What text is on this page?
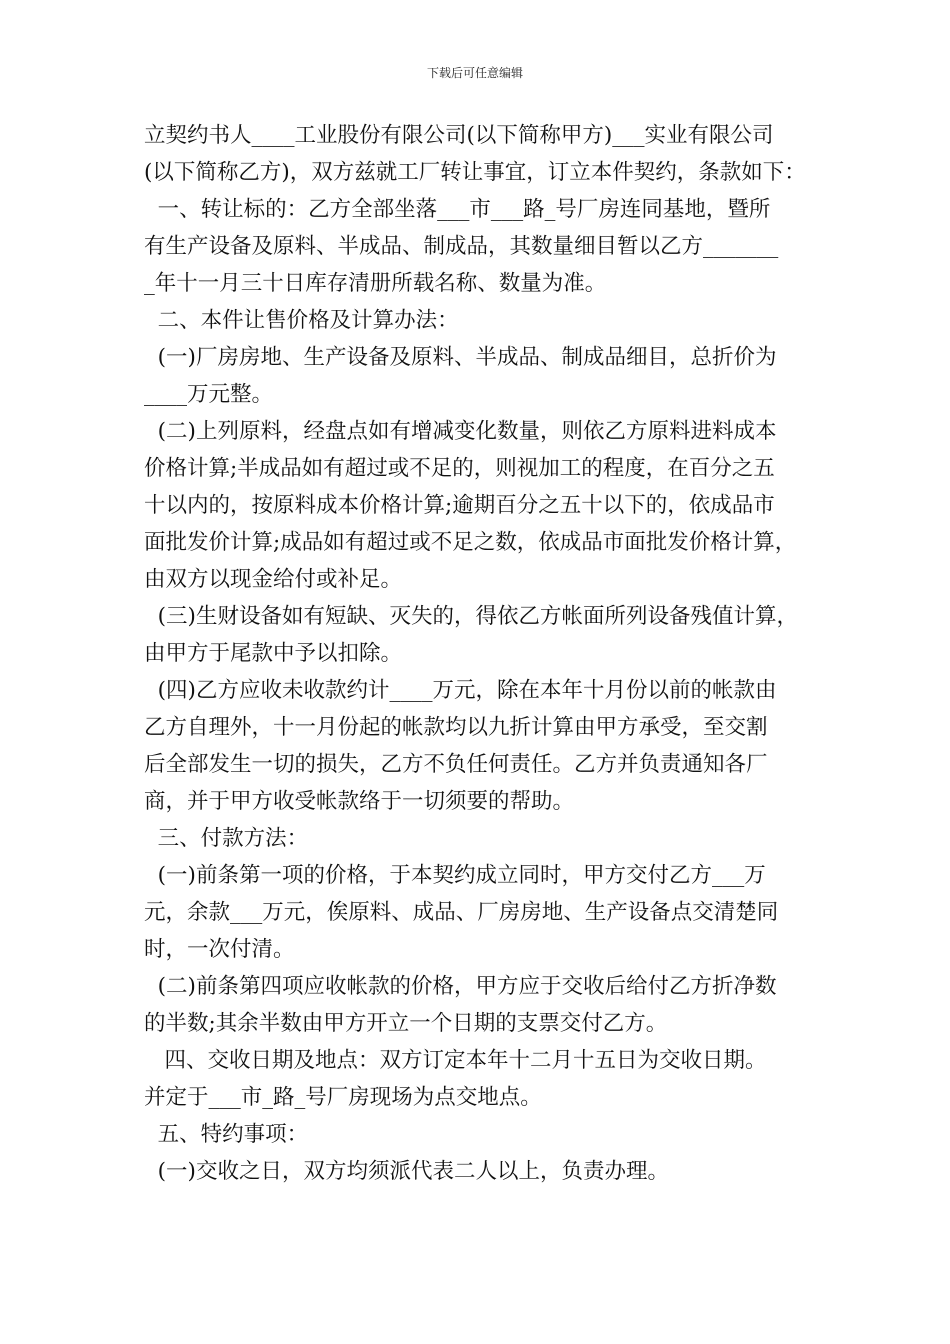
下载后可任意编辑
立契约书人____工业股份有限公司(以下简称甲方)___实业有限公司
(以下简称乙方)，双方兹就工厂转让事宜，订立本件契约，条款如下：
一、转让标的：乙方全部坐落___市___路_号厂房连同基地，暨所
有生产设备及原料、半成品、制成品，其数量细目暂以乙方_______
_年十一月三十日库存清册所载名称、数量为准。
二、本件让售价格及计算办法：
(一)厂房房地、生产设备及原料、半成品、制成品细目，总折价为
____万元整。
(二)上列原料，经盘点如有增减变化数量，则依乙方原料进料成本
价格计算;半成品如有超过或不足的，则视加工的程度，在百分之五
十以内的，按原料成本价格计算;逾期百分之五十以下的，依成品市
面批发价计算;成品如有超过或不足之数，依成品市面批发价格计算，
由双方以现金给付或补足。
(三)生财设备如有短缺、灭失的，得依乙方帐面所列设备残值计算，
由甲方于尾款中予以扣除。
(四)乙方应收未收款约计____万元，除在本年十月份以前的帐款由
乙方自理外，十一月份起的帐款均以九折计算由甲方承受，至交割
后全部发生一切的损失，乙方不负任何责任。乙方并负责通知各厂
商，并于甲方收受帐款络于一切须要的帮助。
三、付款方法：
(一)前条第一项的价格，于本契约成立同时，甲方交付乙方___万
元，余款___万元，俟原料、成品、厂房房地、生产设备点交清楚同
时，一次付清。
(二)前条第四项应收帐款的价格，甲方应于交收后给付乙方折净数
的半数;其余半数由甲方开立一个日期的支票交付乙方。
四、交收日期及地点：双方订定本年十二月十五日为交收日期。
并定于___市_路_号厂房现场为点交地点。
五、特约事项：
(一)交收之日，双方均须派代表二人以上，负责办理。
